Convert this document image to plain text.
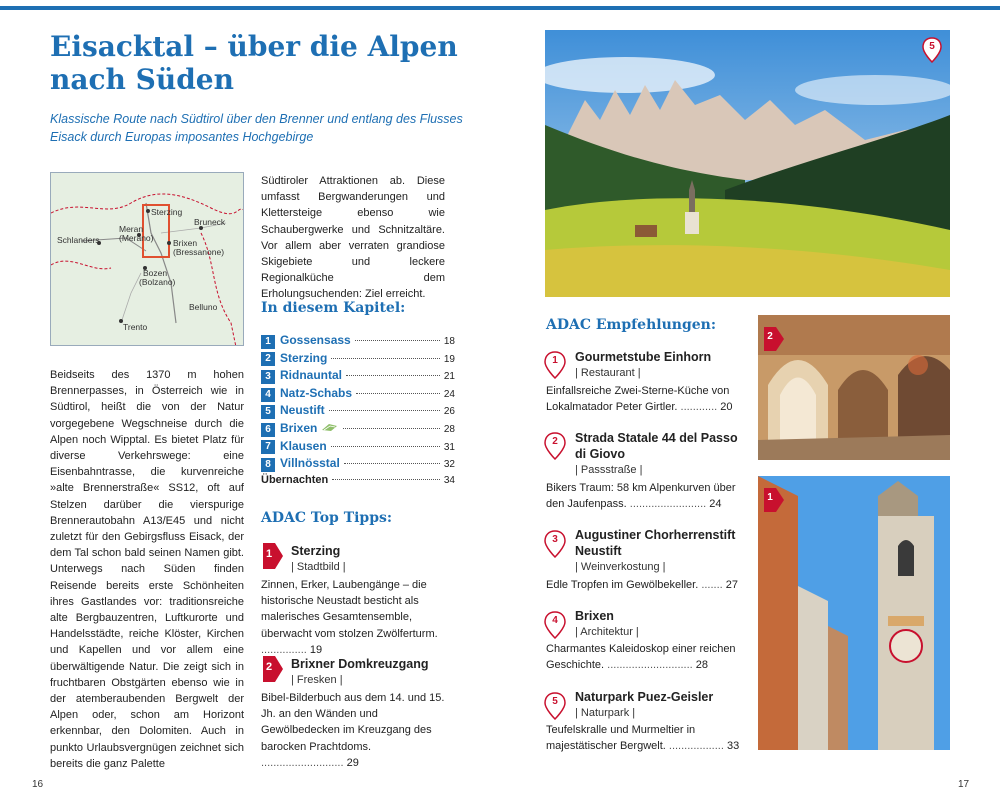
Eisacktal – über die Alpen nach Süden

Klassische Route nach Südtirol über den Brenner und entlang des Flusses Eisack durch Europas imposantes Hochgebirge

Sterzing
Bruneck
Meran
(Merano) Brixen
(Bressanone)
Schlanders
Bozen
(Bolzano)
Belluno
Trento

Beidseits des 1370 m hohen Brennerpasses, in Österreich wie in Südtirol, heißt die von der Natur vorgegebene Wegschneise durch die Alpen noch Wipptal. Es bietet Platz für diverse Verkehrswege: eine Eisenbahntrasse, die kurvenreiche »alte Brennerstraße« SS12, oft auf Stelzen darüber die vierspurige Brennerautobahn A13/E45 und nicht zuletzt für den Gebirgsfluss Eisack, der dem Tal schon bald seinen Namen gibt. Unterwegs nach Süden finden Reisende bereits erste Schönheiten ihres Gastlandes vor: traditionsreiche alte Bergbauzentren, Luftkurorte und Handelsstädte, reiche Klöster, Kirchen und Kapellen und vor allem eine überwältigende Natur. Die zeigt sich in fruchtbaren Obstgärten ebenso wie in der atemberaubenden Bergwelt der Alpen oder, schon am Horizont erkennbar, den Dolomiten. Auch in punkto Urlaubsvergnügen zeichnet sich bereits die ganz Palette

Südtiroler Attraktionen ab. Diese umfasst Bergwanderungen und Klettersteige ebenso wie Schaubergwerke und Schnitzaltäre. Vor allem aber verraten grandiose Skigebiete und leckere Regionalküche dem Erholungsuchenden: Ziel erreicht.

In diesem Kapitel:
1 Gossensass	18
2 Sterzing	19
3 Ridnauntal	21
4 Natz-Schabs	24
5 Neustift	26
6 Brixen	28
7 Klausen	31
8 Villnösstal	32
Übernachten	34
ADAC Top Tipps:
1 Sterzing
| Stadtbild |
Zinnen, Erker, Laubengänge – die historische Neustadt besticht als malerisches Gesamtensemble, überwacht vom stolzen Zwölferturm. ............... 19
2 Brixner Domkreuzgang
| Fresken |
Bibel-Bilderbuch aus dem 14. und 15. Jh. an den Wänden und Gewölbedecken im Kreuzgang des barocken Prachtdoms. ........................... 29
16
5
ADAC Empfehlungen:
1	Gourmetstube Einhorn
| Restaurant |
Einfallsreiche Zwei-Sterne-Küche von Lokalmatador Peter Girtler. ............ 20
2	Strada Statale 44 del Passo di Giovo
| Passstraße |
Bikers Traum: 58 km Alpenkurven über den Jaufenpass. ......................... 24
3	Augustiner Chorherrenstift Neustift
| Weinverkostung |
Edle Tropfen im Gewölbekeller. ....... 27
4	Brixen
| Architektur |
Charmantes Kaleidoskop einer reichen Geschichte. ............................ 28
5	Naturpark Puez-Geisler
| Naturpark |
Teufelskralle und Murmeltier in majestätischer Bergwelt. .................. 33
2
1
17
